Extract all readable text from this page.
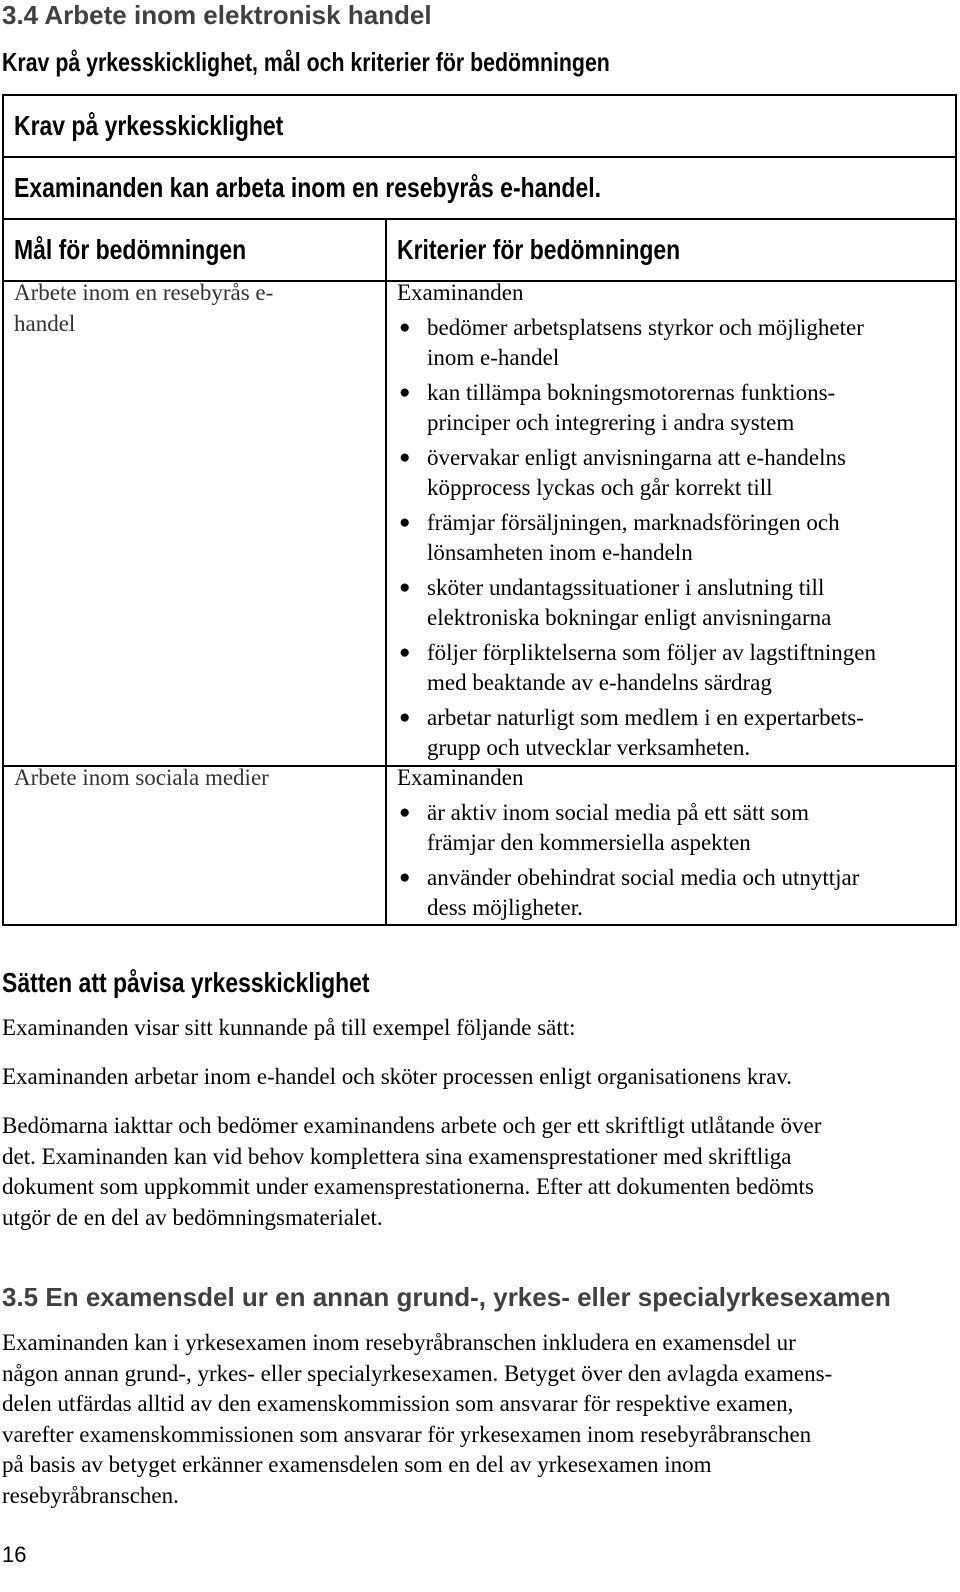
3.4 Arbete inom elektronisk handel
Krav på yrkesskicklighet, mål och kriterier för bedömningen
Krav på yrkesskicklighet
Examinanden kan arbeta inom en resebyrås e-handel.
Mål för bedömningen	Kriterier för bedömningen
Arbete inom en resebyrås e-
handel
Examinanden
● bedömer arbetsplatsens styrkor och möjligheter
inom e-handel
● kan tillämpa bokningsmotorernas funktions-
principer och integrering i andra system
● övervakar enligt anvisningarna att e-handelns
köpprocess lyckas och går korrekt till
● främjar försäljningen, marknadsföringen och
lönsamheten inom e-handeln
● sköter undantagssituationer i anslutning till
elektroniska bokningar enligt anvisningarna
● följer förpliktelserna som följer av lagstiftningen
med beaktande av e-handelns särdrag
● arbetar naturligt som medlem i en expertarbets-
grupp och utvecklar verksamheten.
Arbete inom sociala medier	Examinanden
● är aktiv inom social media på ett sätt som
främjar den kommersiella aspekten
● använder obehindrat social media och utnyttjar
dess möjligheter.
Sätten att påvisa yrkesskicklighet
Examinanden visar sitt kunnande på till exempel följande sätt:
Examinanden arbetar inom e-handel och sköter processen enligt organisationens krav.
Bedömarna iakttar och bedömer examinandens arbete och ger ett skriftligt utlåtande över
det. Examinanden kan vid behov komplettera sina examensprestationer med skriftliga
dokument som uppkommit under examensprestationerna. Efter att dokumenten bedömts
utgör de en del av bedömningsmaterialet.
3.5 En examensdel ur en annan grund-, yrkes- eller specialyrkesexamen
Examinanden kan i yrkesexamen inom resebyråbranschen inkludera en examensdel ur
någon annan grund-, yrkes- eller specialyrkesexamen. Betyget över den avlagda examens-
delen utfärdas alltid av den examenskommission som ansvarar för respektive examen,
varefter examenskommissionen som ansvarar för yrkesexamen inom resebyråbranschen
på basis av betyget erkänner examensdelen som en del av yrkesexamen inom
resebyråbranschen.
16
